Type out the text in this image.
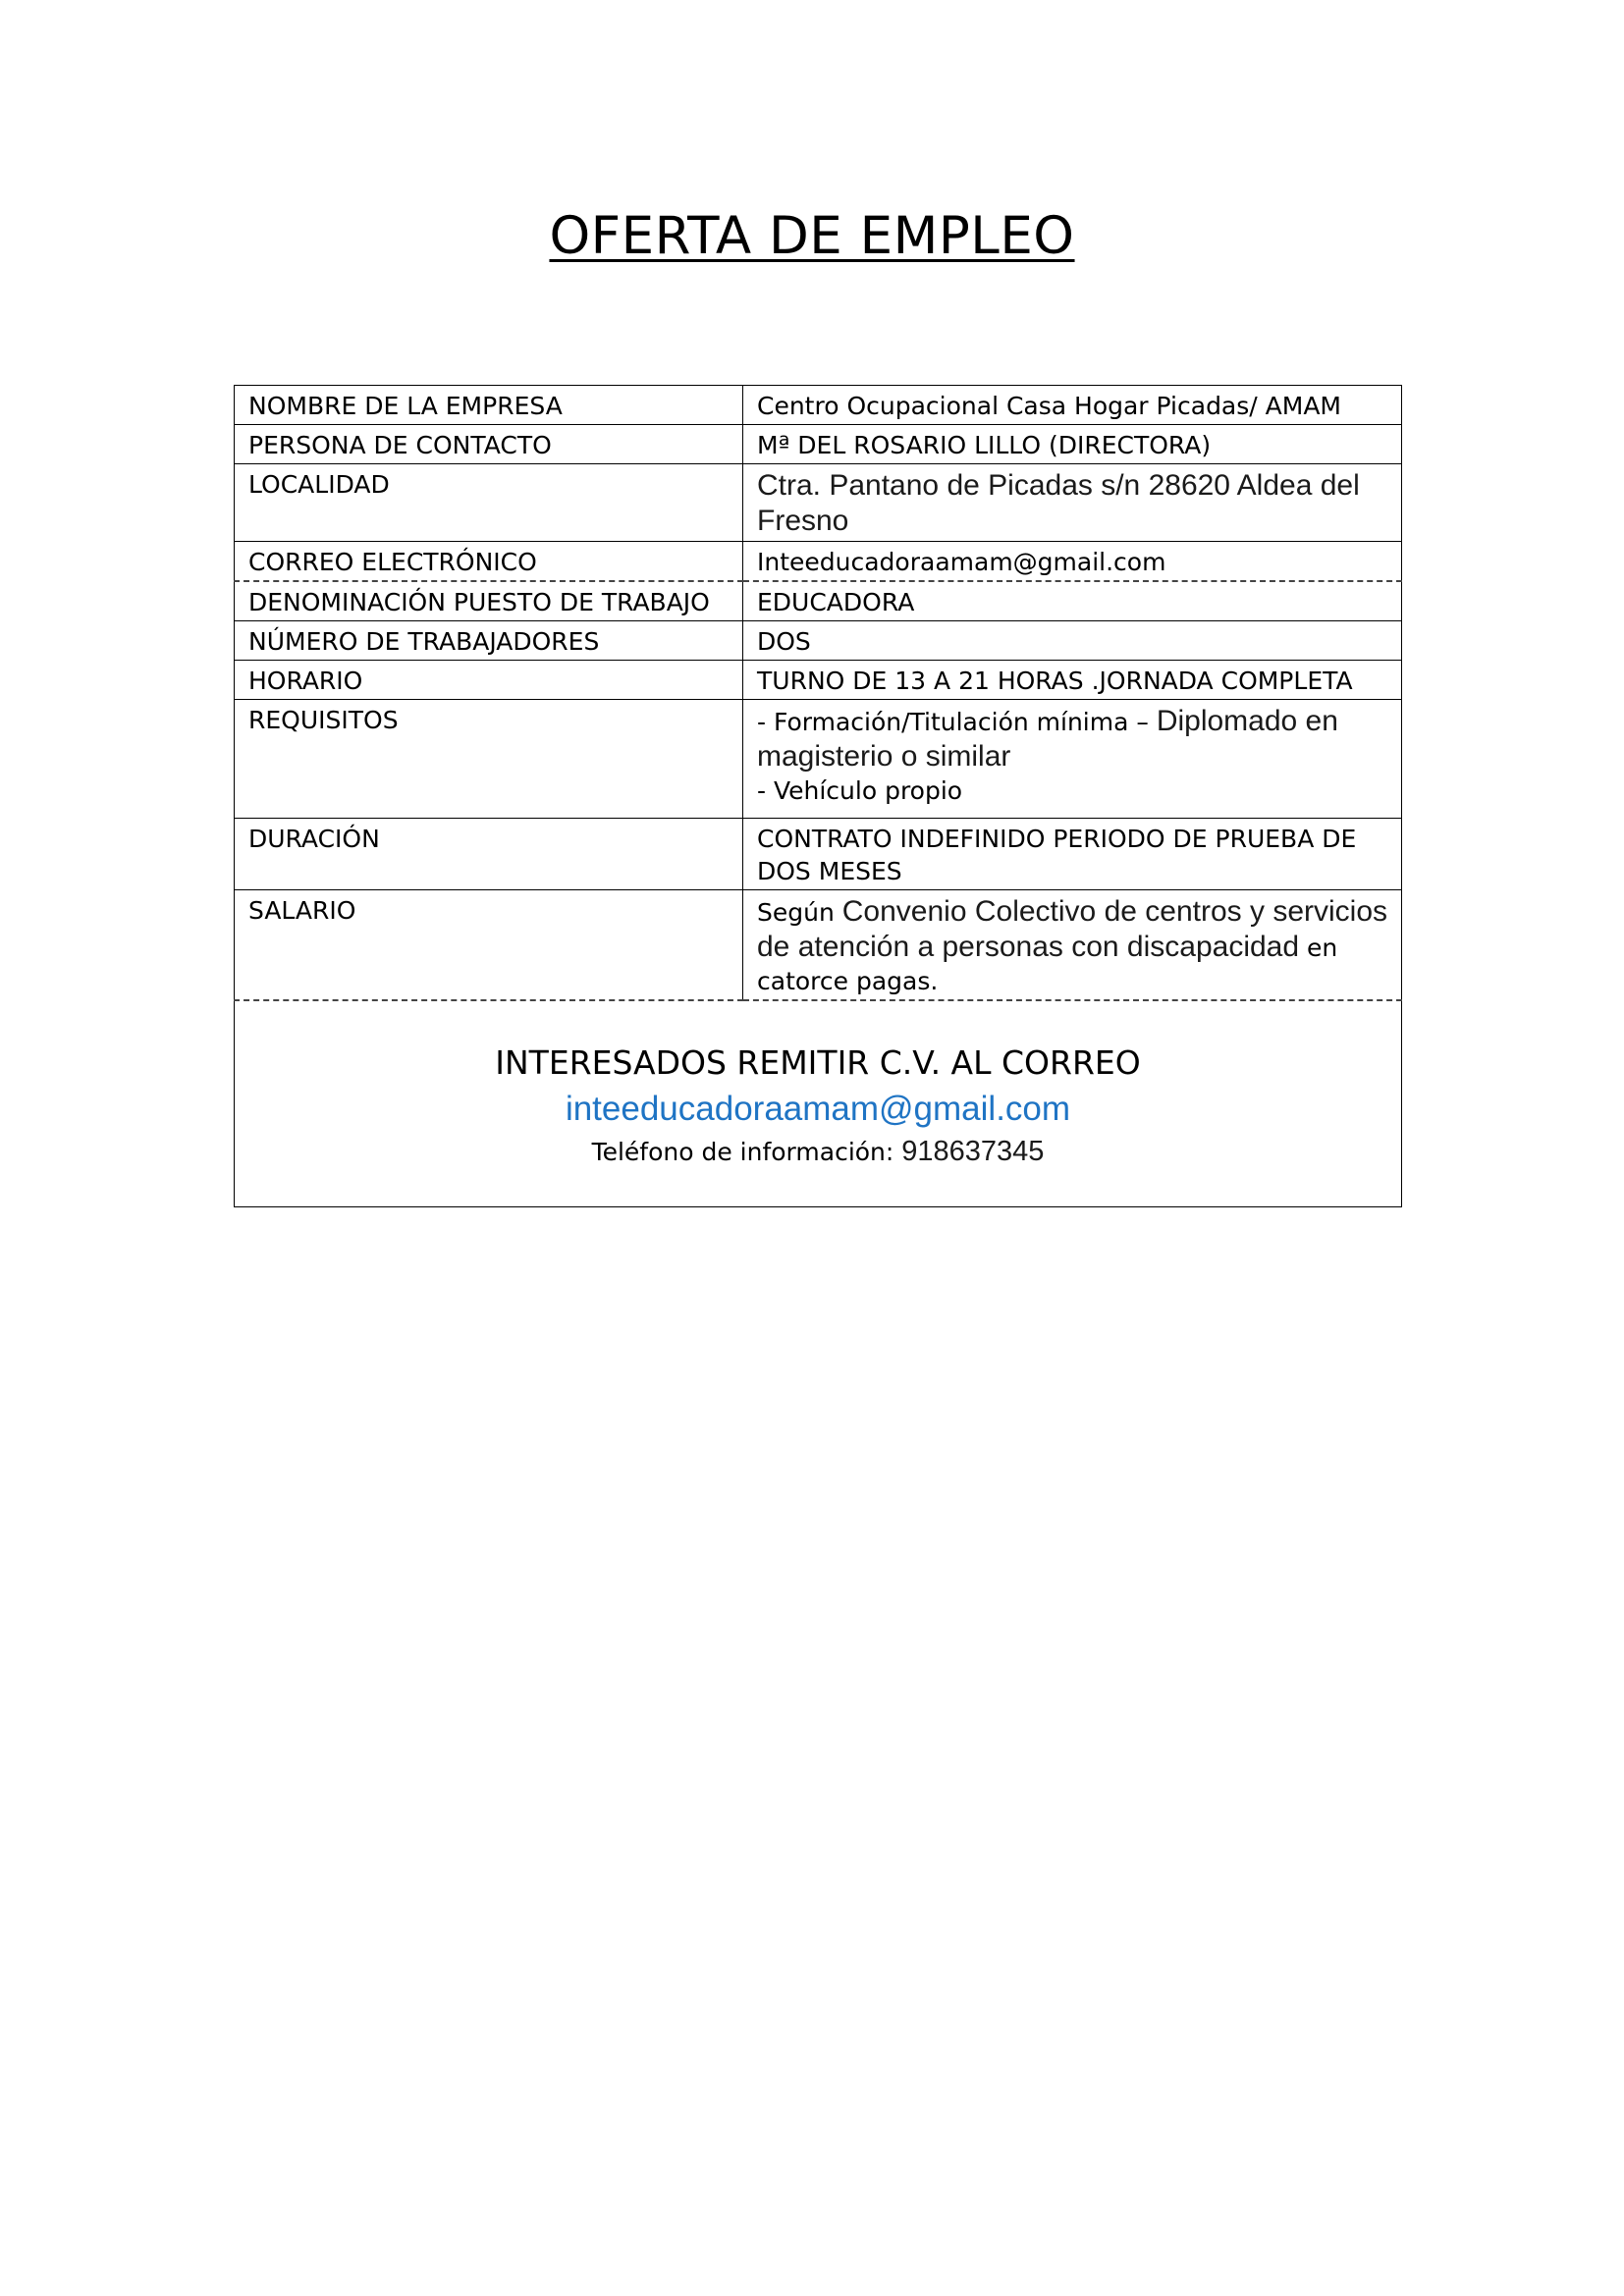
OFERTA DE EMPLEO
NOMBRE DE LA EMPRESA	Centro Ocupacional Casa Hogar Picadas/ AMAM
PERSONA DE CONTACTO	Mª DEL ROSARIO LILLO (DIRECTORA)
LOCALIDAD	Ctra. Pantano de Picadas s/n 28620 Aldea del Fresno
CORREO ELECTRÓNICO	Inteeducadoraamam@gmail.com
DENOMINACIÓN PUESTO DE TRABAJO	EDUCADORA
NÚMERO DE TRABAJADORES	DOS
HORARIO	TURNO DE 13 A 21 HORAS .JORNADA COMPLETA
REQUISITOS	- Formación/Titulación mínima – Diplomado en magisterio o similar
- Vehículo propio

DURACIÓN	CONTRATO INDEFINIDO PERIODO DE PRUEBA DE DOS MESES
SALARIO	Según Convenio Colectivo de centros y servicios de atención a personas con discapacidad en catorce pagas.

INTERESADOS REMITIR C.V. AL CORREO
inteeducadoraamam@gmail.com
Teléfono de información: 918637345	
